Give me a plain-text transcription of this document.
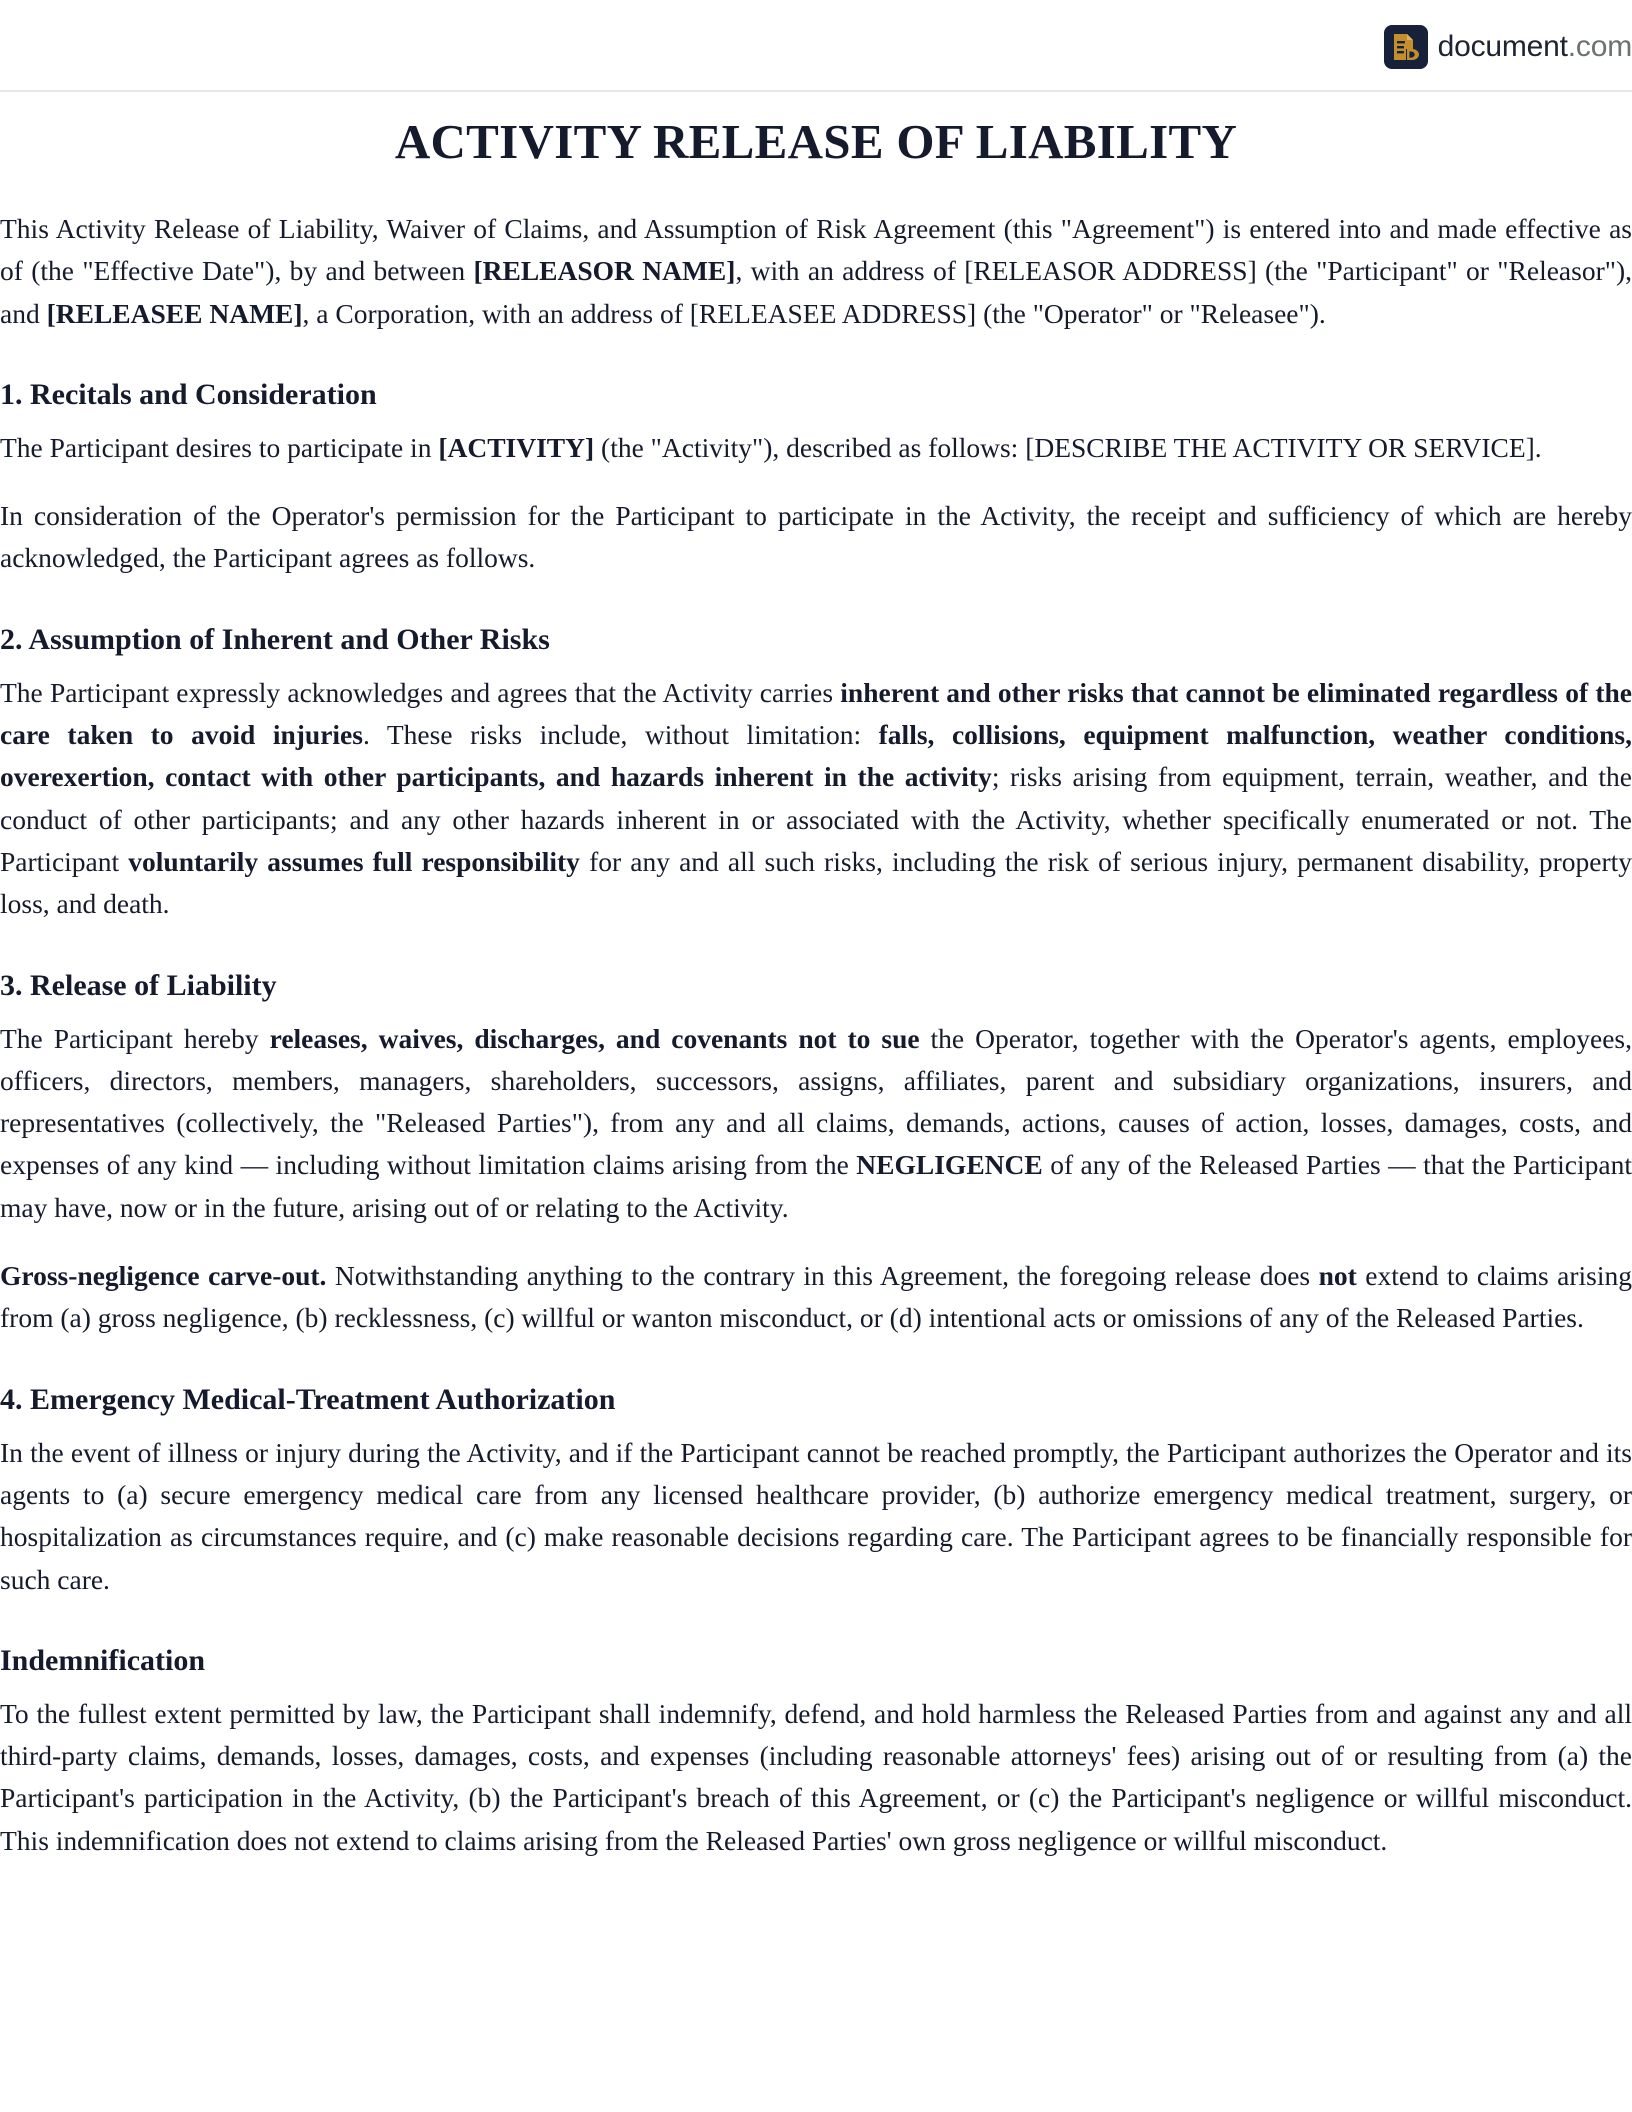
document.com
ACTIVITY RELEASE OF LIABILITY

This Activity Release of Liability, Waiver of Claims, and Assumption of Risk Agreement (this "Agreement") is entered into and made effective as of (the "Effective Date"), by and between [RELEASOR NAME], with an address of [RELEASOR ADDRESS] (the "Participant" or "Releasor"), and [RELEASEE NAME], a Corporation, with an address of [RELEASEE ADDRESS] (the "Operator" or "Releasee").

1. Recitals and Consideration

The Participant desires to participate in [ACTIVITY] (the "Activity"), described as follows: [DESCRIBE THE ACTIVITY OR SERVICE].

In consideration of the Operator's permission for the Participant to participate in the Activity, the receipt and sufficiency of which are hereby acknowledged, the Participant agrees as follows.

2. Assumption of Inherent and Other Risks

The Participant expressly acknowledges and agrees that the Activity carries inherent and other risks that cannot be eliminated regardless of the care taken to avoid injuries. These risks include, without limitation: falls, collisions, equipment malfunction, weather conditions, overexertion, contact with other participants, and hazards inherent in the activity; risks arising from equipment, terrain, weather, and the conduct of other participants; and any other hazards inherent in or associated with the Activity, whether specifically enumerated or not. The Participant voluntarily assumes full responsibility for any and all such risks, including the risk of serious injury, permanent disability, property loss, and death.

3. Release of Liability

The Participant hereby releases, waives, discharges, and covenants not to sue the Operator, together with the Operator's agents, employees, officers, directors, members, managers, shareholders, successors, assigns, affiliates, parent and subsidiary organizations, insurers, and representatives (collectively, the "Released Parties"), from any and all claims, demands, actions, causes of action, losses, damages, costs, and expenses of any kind — including without limitation claims arising from the NEGLIGENCE of any of the Released Parties — that the Participant may have, now or in the future, arising out of or relating to the Activity.

Gross-negligence carve-out. Notwithstanding anything to the contrary in this Agreement, the foregoing release does not extend to claims arising from (a) gross negligence, (b) recklessness, (c) willful or wanton misconduct, or (d) intentional acts or omissions of any of the Released Parties.

4. Emergency Medical-Treatment Authorization

In the event of illness or injury during the Activity, and if the Participant cannot be reached promptly, the Participant authorizes the Operator and its agents to (a) secure emergency medical care from any licensed healthcare provider, (b) authorize emergency medical treatment, surgery, or hospitalization as circumstances require, and (c) make reasonable decisions regarding care. The Participant agrees to be financially responsible for such care.

Indemnification

To the fullest extent permitted by law, the Participant shall indemnify, defend, and hold harmless the Released Parties from and against any and all third-party claims, demands, losses, damages, costs, and expenses (including reasonable attorneys' fees) arising out of or resulting from (a) the Participant's participation in the Activity, (b) the Participant's breach of this Agreement, or (c) the Participant's negligence or willful misconduct. This indemnification does not extend to claims arising from the Released Parties' own gross negligence or willful misconduct.
